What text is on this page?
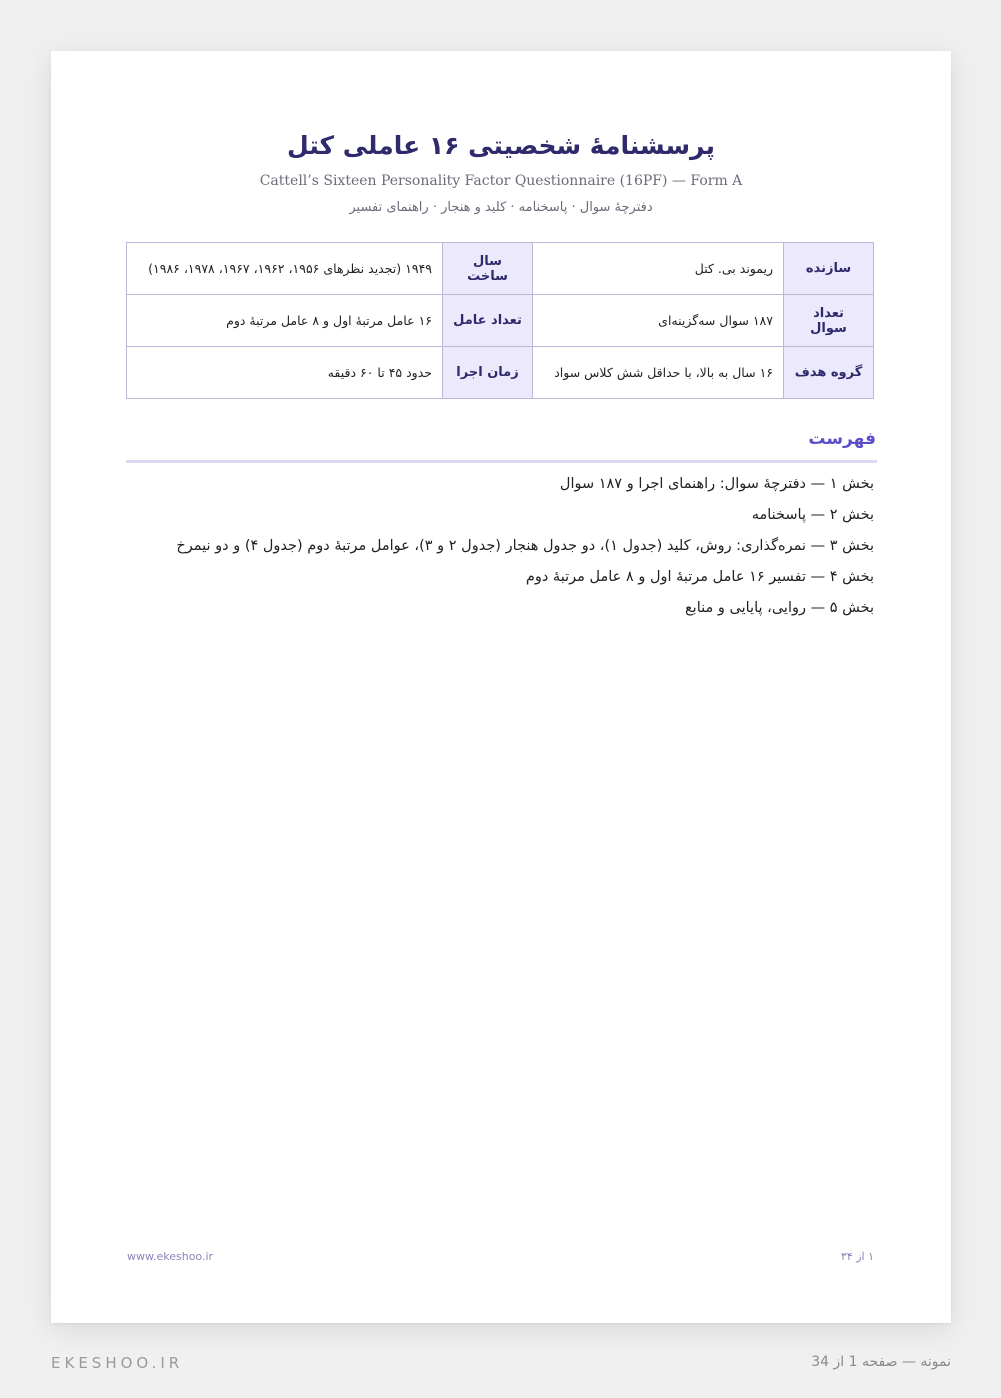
پرسشنامهٔ شخصیتی ۱۶ عاملی کتل
Cattell’s Sixteen Personality Factor Questionnaire (16PF) — Form A
دفترچهٔ سوال · پاسخنامه · کلید و هنجار · راهنمای تفسیر
سازنده	ریموند بی. کتل	سال ساخت	۱۹۴۹ (تجدید نظرهای ۱۹۵۶، ۱۹۶۲، ۱۹۶۷، ۱۹۷۸، ۱۹۸۶)
تعداد سوال	۱۸۷ سوال سه‌گزینه‌ای	تعداد عامل	۱۶ عامل مرتبهٔ اول و ۸ عامل مرتبهٔ دوم
گروه هدف	۱۶ سال به بالا، با حداقل شش کلاس سواد	زمان اجرا	حدود ۴۵ تا ۶۰ دقیقه
فهرست
بخش ۱ — دفترچهٔ سوال: راهنمای اجرا و ۱۸۷ سوال
بخش ۲ — پاسخنامه
بخش ۳ — نمره‌گذاری: روش، کلید (جدول ۱)، دو جدول هنجار (جدول ۲ و ۳)، عوامل مرتبهٔ دوم (جدول ۴) و دو نیمرخ
بخش ۴ — تفسیر ۱۶ عامل مرتبهٔ اول و ۸ عامل مرتبهٔ دوم
بخش ۵ — روایی، پایایی و منابع
۱ از ۳۴
www.ekeshoo.ir
EKESHOO.IR	نمونه — صفحه 1 از 34
